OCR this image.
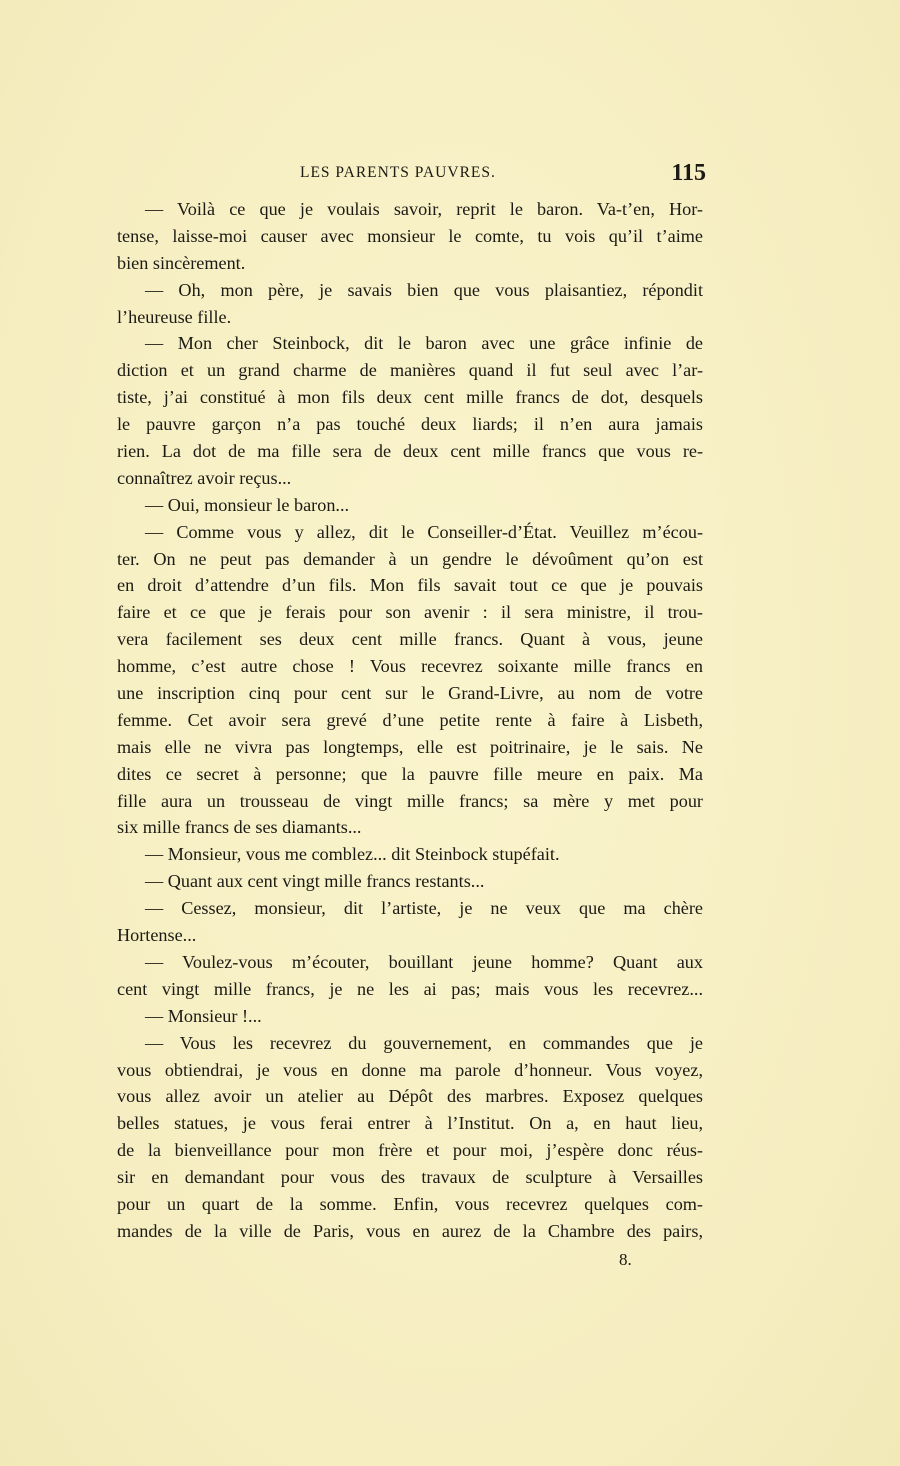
LES PARENTS PAUVRES.	115
— Voilà ce que je voulais savoir, reprit le baron. Va-t’en, Hor-
tense, laisse-moi causer avec monsieur le comte, tu vois qu’il t’aime
bien sincèrement.
— Oh, mon père, je savais bien que vous plaisantiez, répondit
l’heureuse fille.
— Mon cher Steinbock, dit le baron avec une grâce infinie de
diction et un grand charme de manières quand il fut seul avec l’ar-
tiste, j’ai constitué à mon fils deux cent mille francs de dot, desquels
le pauvre garçon n’a pas touché deux liards; il n’en aura jamais
rien. La dot de ma fille sera de deux cent mille francs que vous re-
connaîtrez avoir reçus...
— Oui, monsieur le baron...
— Comme vous y allez, dit le Conseiller-d’État. Veuillez m’écou-
ter. On ne peut pas demander à un gendre le dévoûment qu’on est
en droit d’attendre d’un fils. Mon fils savait tout ce que je pouvais
faire et ce que je ferais pour son avenir : il sera ministre, il trou-
vera facilement ses deux cent mille francs. Quant à vous, jeune
homme, c’est autre chose ! Vous recevrez soixante mille francs en
une inscription cinq pour cent sur le Grand-Livre, au nom de votre
femme. Cet avoir sera grevé d’une petite rente à faire à Lisbeth,
mais elle ne vivra pas longtemps, elle est poitrinaire, je le sais. Ne
dites ce secret à personne; que la pauvre fille meure en paix. Ma
fille aura un trousseau de vingt mille francs; sa mère y met pour
six mille francs de ses diamants...
— Monsieur, vous me comblez... dit Steinbock stupéfait.
— Quant aux cent vingt mille francs restants...
— Cessez, monsieur, dit l’artiste, je ne veux que ma chère
Hortense...
— Voulez-vous m’écouter, bouillant jeune homme? Quant aux
cent vingt mille francs, je ne les ai pas; mais vous les recevrez...
— Monsieur !...
— Vous les recevrez du gouvernement, en commandes que je
vous obtiendrai, je vous en donne ma parole d’honneur. Vous voyez,
vous allez avoir un atelier au Dépôt des marbres. Exposez quelques
belles statues, je vous ferai entrer à l’Institut. On a, en haut lieu,
de la bienveillance pour mon frère et pour moi, j’espère donc réus-
sir en demandant pour vous des travaux de sculpture à Versailles
pour un quart de la somme. Enfin, vous recevrez quelques com-
mandes de la ville de Paris, vous en aurez de la Chambre des pairs,
8.
